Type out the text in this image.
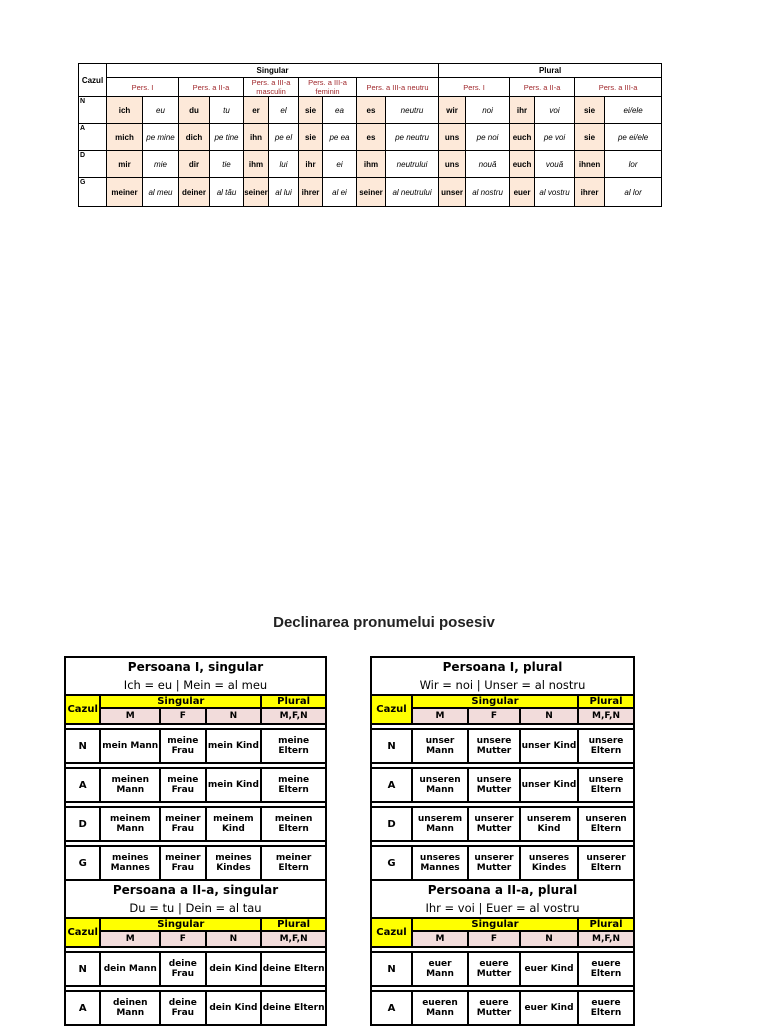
Cazul	Singular										Plural					
	Pers. I		Pers. a II-a		Pers. a III-a masculin		Pers. a III-a feminin		Pers. a III-a neutru		Pers. I		Pers. a II-a		Pers. a III-a	
N	ich	eu	du	tu	er	el	sie	ea	es	neutru	wir	noi	ihr	voi	sie	ei/ele
A	mich	pe mine	dich	pe tine	ihn	pe el	sie	pe ea	es	pe neutru	uns	pe noi	euch	pe voi	sie	pe ei/ele
D	mir	mie	dir	tie	ihm	lui	ihr	ei	ihm	neutrului	uns	nouă	euch	vouă	ihnen	lor
G	meiner	al meu	deiner	al tău	seiner	al lui	ihrer	al ei	seiner	al neutrului	unser	al nostru	euer	al vostru	ihrer	al lor
Declinarea pronumelui posesiv
Persoana I, singular				
Ich = eu | Mein = al meu				
Cazul	Singular			Plural
	M	F	N	M,F,N

N	mein Mann	meine Frau	mein Kind	meine Eltern

A	meinen Mann	meine Frau	mein Kind	meine Eltern

D	meinem Mann	meiner Frau	meinem Kind	meinen Eltern

G	meines Mannes	meiner Frau	meines Kindes	meiner Eltern
Persoana a II-a, singular				
Du = tu | Dein = al tau				
Cazul	Singular			Plural
	M	F	N	M,F,N

N	dein Mann	deine Frau	dein Kind	deine Eltern

A	deinen Mann	deine Frau	dein Kind	deine Eltern
Persoana I, plural				
Wir = noi | Unser = al nostru				
Cazul	Singular			Plural
	M	F	N	M,F,N

N	unser Mann	unsere Mutter	unser Kind	unsere Eltern

A	unseren Mann	unsere Mutter	unser Kind	unsere Eltern

D	unserem Mann	unserer Mutter	unserem Kind	unseren Eltern

G	unseres Mannes	unserer Mutter	unseres Kindes	unserer Eltern
Persoana a II-a, plural				
Ihr = voi | Euer = al vostru				
Cazul	Singular			Plural
	M	F	N	M,F,N

N	euer Mann	euere Mutter	euer Kind	euere Eltern

A	eueren Mann	euere Mutter	euer Kind	euere Eltern
